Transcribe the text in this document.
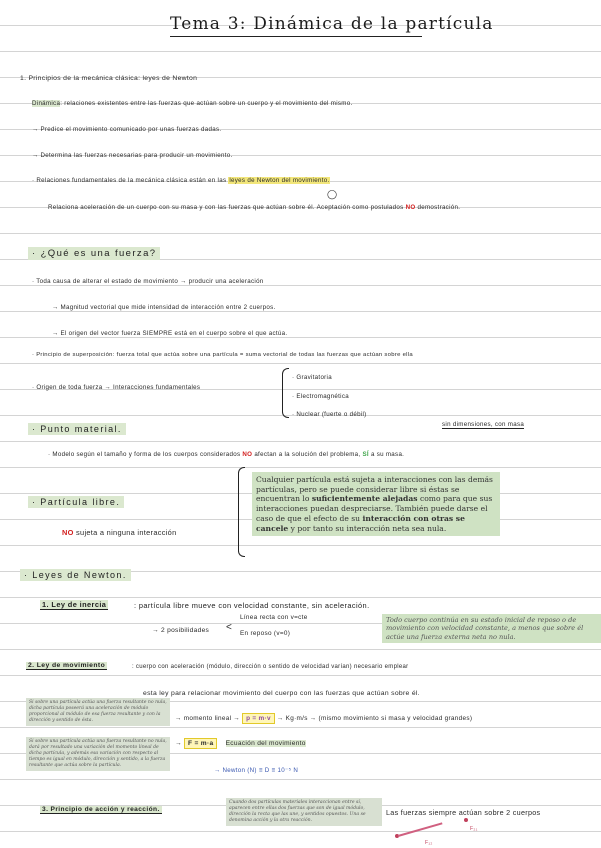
Tema 3: Dinámica de la partícula
1. Principios de la mecánica clásica: leyes de Newton
Dinámica: relaciones existentes entre las fuerzas que actúan sobre un cuerpo y el movimiento del mismo.
→ Predice el movimiento comunicado por unas fuerzas dadas.
→ Determina las fuerzas necesarias para producir un movimiento.
· Relaciones fundamentales de la mecánica clásica están en las leyes de Newton del movimiento.
◯
Relaciona aceleración de un cuerpo con su masa y con las fuerzas que actúan sobre él. Aceptación como postulados NO demostración.
· ¿Qué es una fuerza?
· Toda causa de alterar el estado de movimiento → producir una aceleración
→ Magnitud vectorial que mide intensidad de interacción entre 2 cuerpos.
→ El origen del vector fuerza SIEMPRE está en el cuerpo sobre el que actúa.
· Principio de superposición: fuerza total que actúa sobre una partícula = suma vectorial de todas las fuerzas que actúan sobre ella
· Origen de toda fuerza → Interacciones fundamentales
· Gravitatoria
· Electromagnética
· Nuclear (fuerte o débil)
· Punto material.	sin dimensiones, con masa
· Modelo según el tamaño y forma de los cuerpos considerados NO afectan a la solución del problema, SÍ a su masa.
· Partícula libre.
NO sujeta a ninguna interacción
Cualquier partícula está sujeta a interacciones con las demás partículas, pero se puede considerar libre si éstas se encuentran lo suficientemente alejadas como para que sus interacciones puedan despreciarse. También puede darse el caso de que el efecto de su interacción con otras se cancele y por tanto su interacción neta sea nula.
· Leyes de Newton.
1. Ley de inercia	: partícula libre mueve con velocidad constante, sin aceleración.
→ 2 posibilidades <
Línea recta con v=cte
En reposo (v=0)
Todo cuerpo continúa en su estado inicial de reposo o de movimiento con velocidad constante, a menos que sobre él actúe una fuerza externa neta no nula.
2. Ley de movimiento	: cuerpo con aceleración (módulo, dirección o sentido de velocidad varían) necesario emplear
esta ley para relacionar movimiento del cuerpo con las fuerzas que actúan sobre él.
Si sobre una partícula actúa una fuerza resultante no nula, dicha partícula poseerá una aceleración de módulo proporcional al módulo de esa fuerza resultante y con la dirección y sentido de ésta.
Si sobre una partícula actúa una fuerza resultante no nula, dará por resultado una variación del momento lineal de dicha partícula, y además esa variación con respecto al tiempo es igual en módulo, dirección y sentido, a la fuerza resultante que actúa sobre la partícula.
→ momento lineal → p = m·v → Kg·m/s → (mismo movimiento si masa y velocidad grandes)
→ F = m·a Ecuación del movimiento
→ Newton (N) ≡ D ≡ 10⁻⁵ N
3. Principio de acción y reacción.
Cuando dos partículas materiales interaccionan entre sí, aparecen entre ellas dos fuerzas que son de igual módulo, dirección la recta que las une, y sentidos opuestos. Una se denomina acción y la otra reacción.
Las fuerzas siempre actúan sobre 2 cuerpos
F₁₂
F₂₁
